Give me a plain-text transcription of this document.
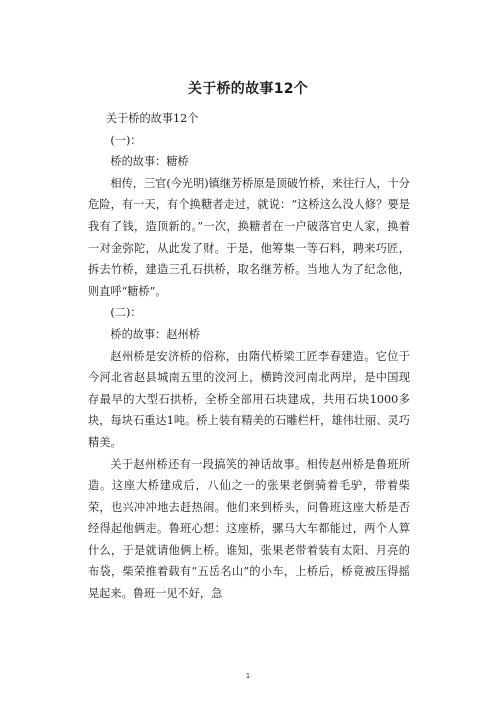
关于桥的故事12个

关于桥的故事12个

(一)：

桥的故事：糖桥

相传，三官(今光明)镇继芳桥原是顶破竹桥，来往行人，十分危险，有一天，有个换糖者走过，就说：“这桥这么没人修？要是我有了钱，造顶新的。”一次，换糖者在一户破落官史人家，换着一对金弥陀，从此发了财。于是，他筹集一等石料，聘来巧匠，拆去竹桥，建造三孔石拱桥，取名继芳桥。当地人为了纪念他，则直呼“糖桥”。

(二)：

桥的故事：赵州桥

赵州桥是安济桥的俗称，由隋代桥梁工匠李春建造。它位于今河北省赵县城南五里的洨河上，横跨洨河南北两岸，是中国现存最早的大型石拱桥，全桥全部用石块建成，共用石块1000多块，每块石重达1吨。桥上装有精美的石雕栏杆，雄伟壮丽、灵巧精美。

关于赵州桥还有一段搞笑的神话故事。相传赵州桥是鲁班所造。这座大桥建成后，八仙之一的张果老倒骑着毛驴，带着柴荣，也兴冲冲地去赶热闹。他们来到桥头，问鲁班这座大桥是否经得起他俩走。鲁班心想：这座桥，骡马大车都能过，两个人算什么，于是就请他俩上桥。谁知，张果老带着装有太阳、月亮的布袋，柴荣推着载有“五岳名山”的小车，上桥后，桥竟被压得摇晃起来。鲁班一见不好，急

1
